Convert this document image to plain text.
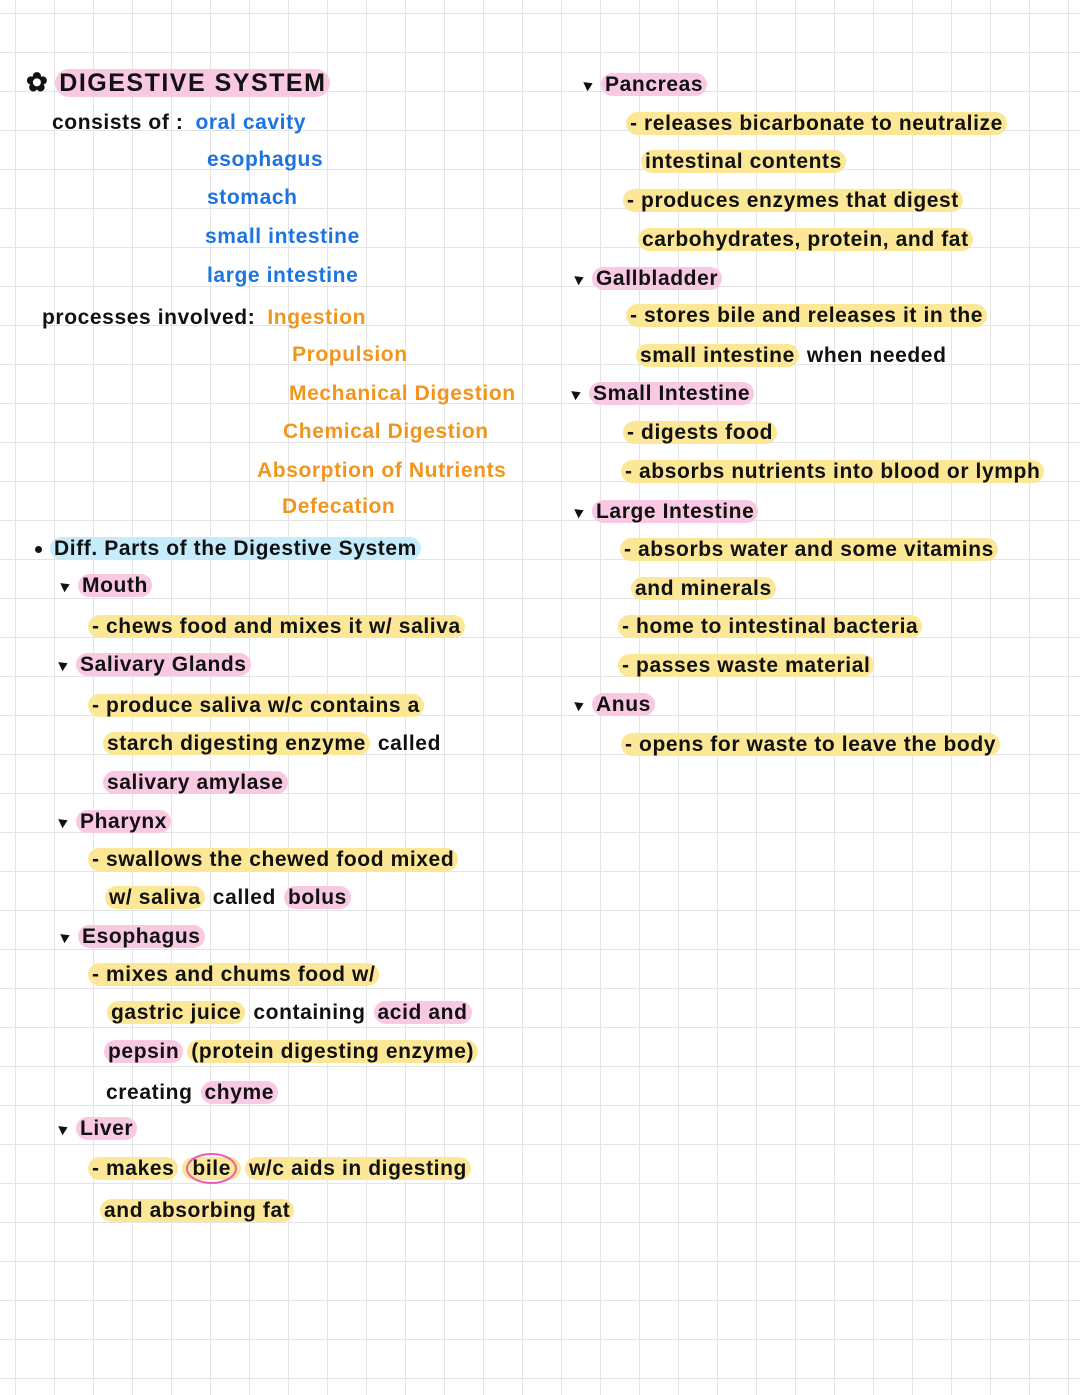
✿ DIGESTIVE SYSTEM
consists of : oral cavity
esophagus
stomach
small intestine
large intestine
processes involved: Ingestion
Propulsion
Mechanical Digestion
Chemical Digestion
Absorption of Nutrients
Defecation
Diff. Parts of the Digestive System
Mouth
- chews food and mixes it w/ saliva
Salivary Glands
- produce saliva w/c contains a
starch digesting enzyme called
salivary amylase
Pharynx
- swallows the chewed food mixed
w/ saliva called bolus
Esophagus
- mixes and chums food w/
gastric juice containing acid and
pepsin (protein digesting enzyme)
creating chyme
Liver
- makes bile w/c aids in digesting
and absorbing fat
Pancreas
- releases bicarbonate to neutralize
intestinal contents
- produces enzymes that digest
carbohydrates, protein, and fat
Gallbladder
- stores bile and releases it in the
small intestine when needed
Small Intestine
- digests food
- absorbs nutrients into blood or lymph
Large Intestine
- absorbs water and some vitamins
and minerals
- home to intestinal bacteria
- passes waste material
Anus
- opens for waste to leave the body
